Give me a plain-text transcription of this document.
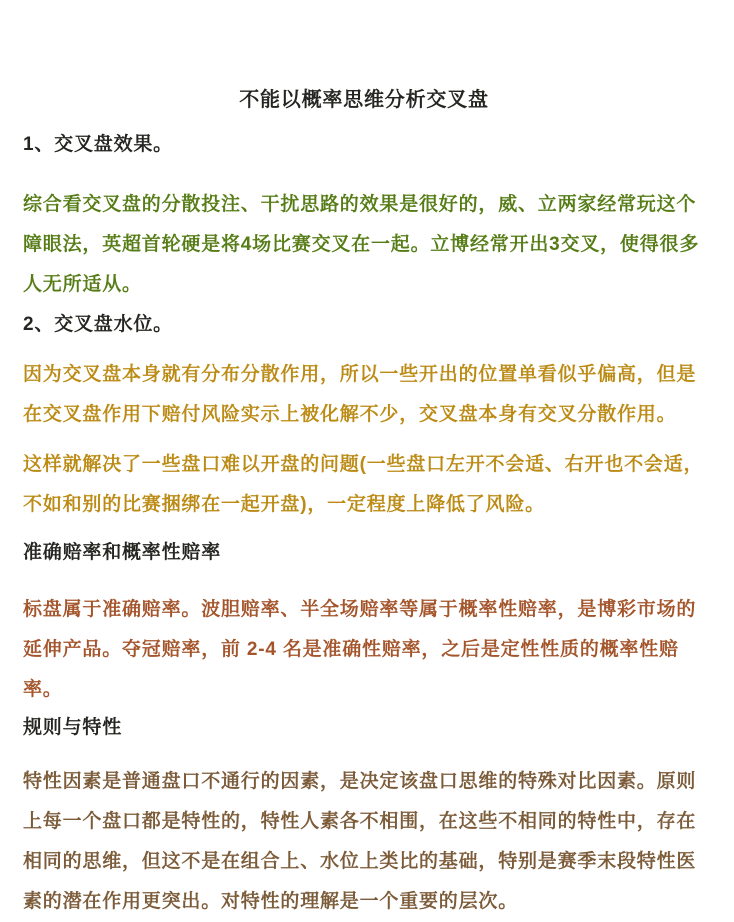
不能以概率思维分析交叉盘
1、交叉盘效果。

综合看交叉盘的分散投注、干扰思路的效果是很好的，威、立两家经常玩这个障眼法，英超首轮硬是将4场比赛交叉在一起。立博经常开出3交叉，使得很多人无所适从。

2、交叉盘水位。

因为交叉盘本身就有分布分散作用，所以一些开出的位置单看似乎偏高，但是在交叉盘作用下赔付风险实示上被化解不少，交叉盘本身有交叉分散作用。

这样就解决了一些盘口难以开盘的问题(一些盘口左开不会适、右开也不会适，不如和别的比赛捆绑在一起开盘)，一定程度上降低了风险。

准确赔率和概率性赔率

标盘属于准确赔率。波胆赔率、半全场赔率等属于概率性赔率，是博彩市场的延伸产品。夺冠赔率，前 2-4 名是准确性赔率，之后是定性性质的概率性赔率。

规则与特性

特性因素是普通盘口不通行的因素，是决定该盘口思维的特殊对比因素。原则上每一个盘口都是特性的，特性人素各不相围，在这些不相同的特性中，存在相同的思维，但这不是在组合上、水位上类比的基础，特别是赛季末段特性医素的潜在作用更突出。对特性的理解是一个重要的层次。
